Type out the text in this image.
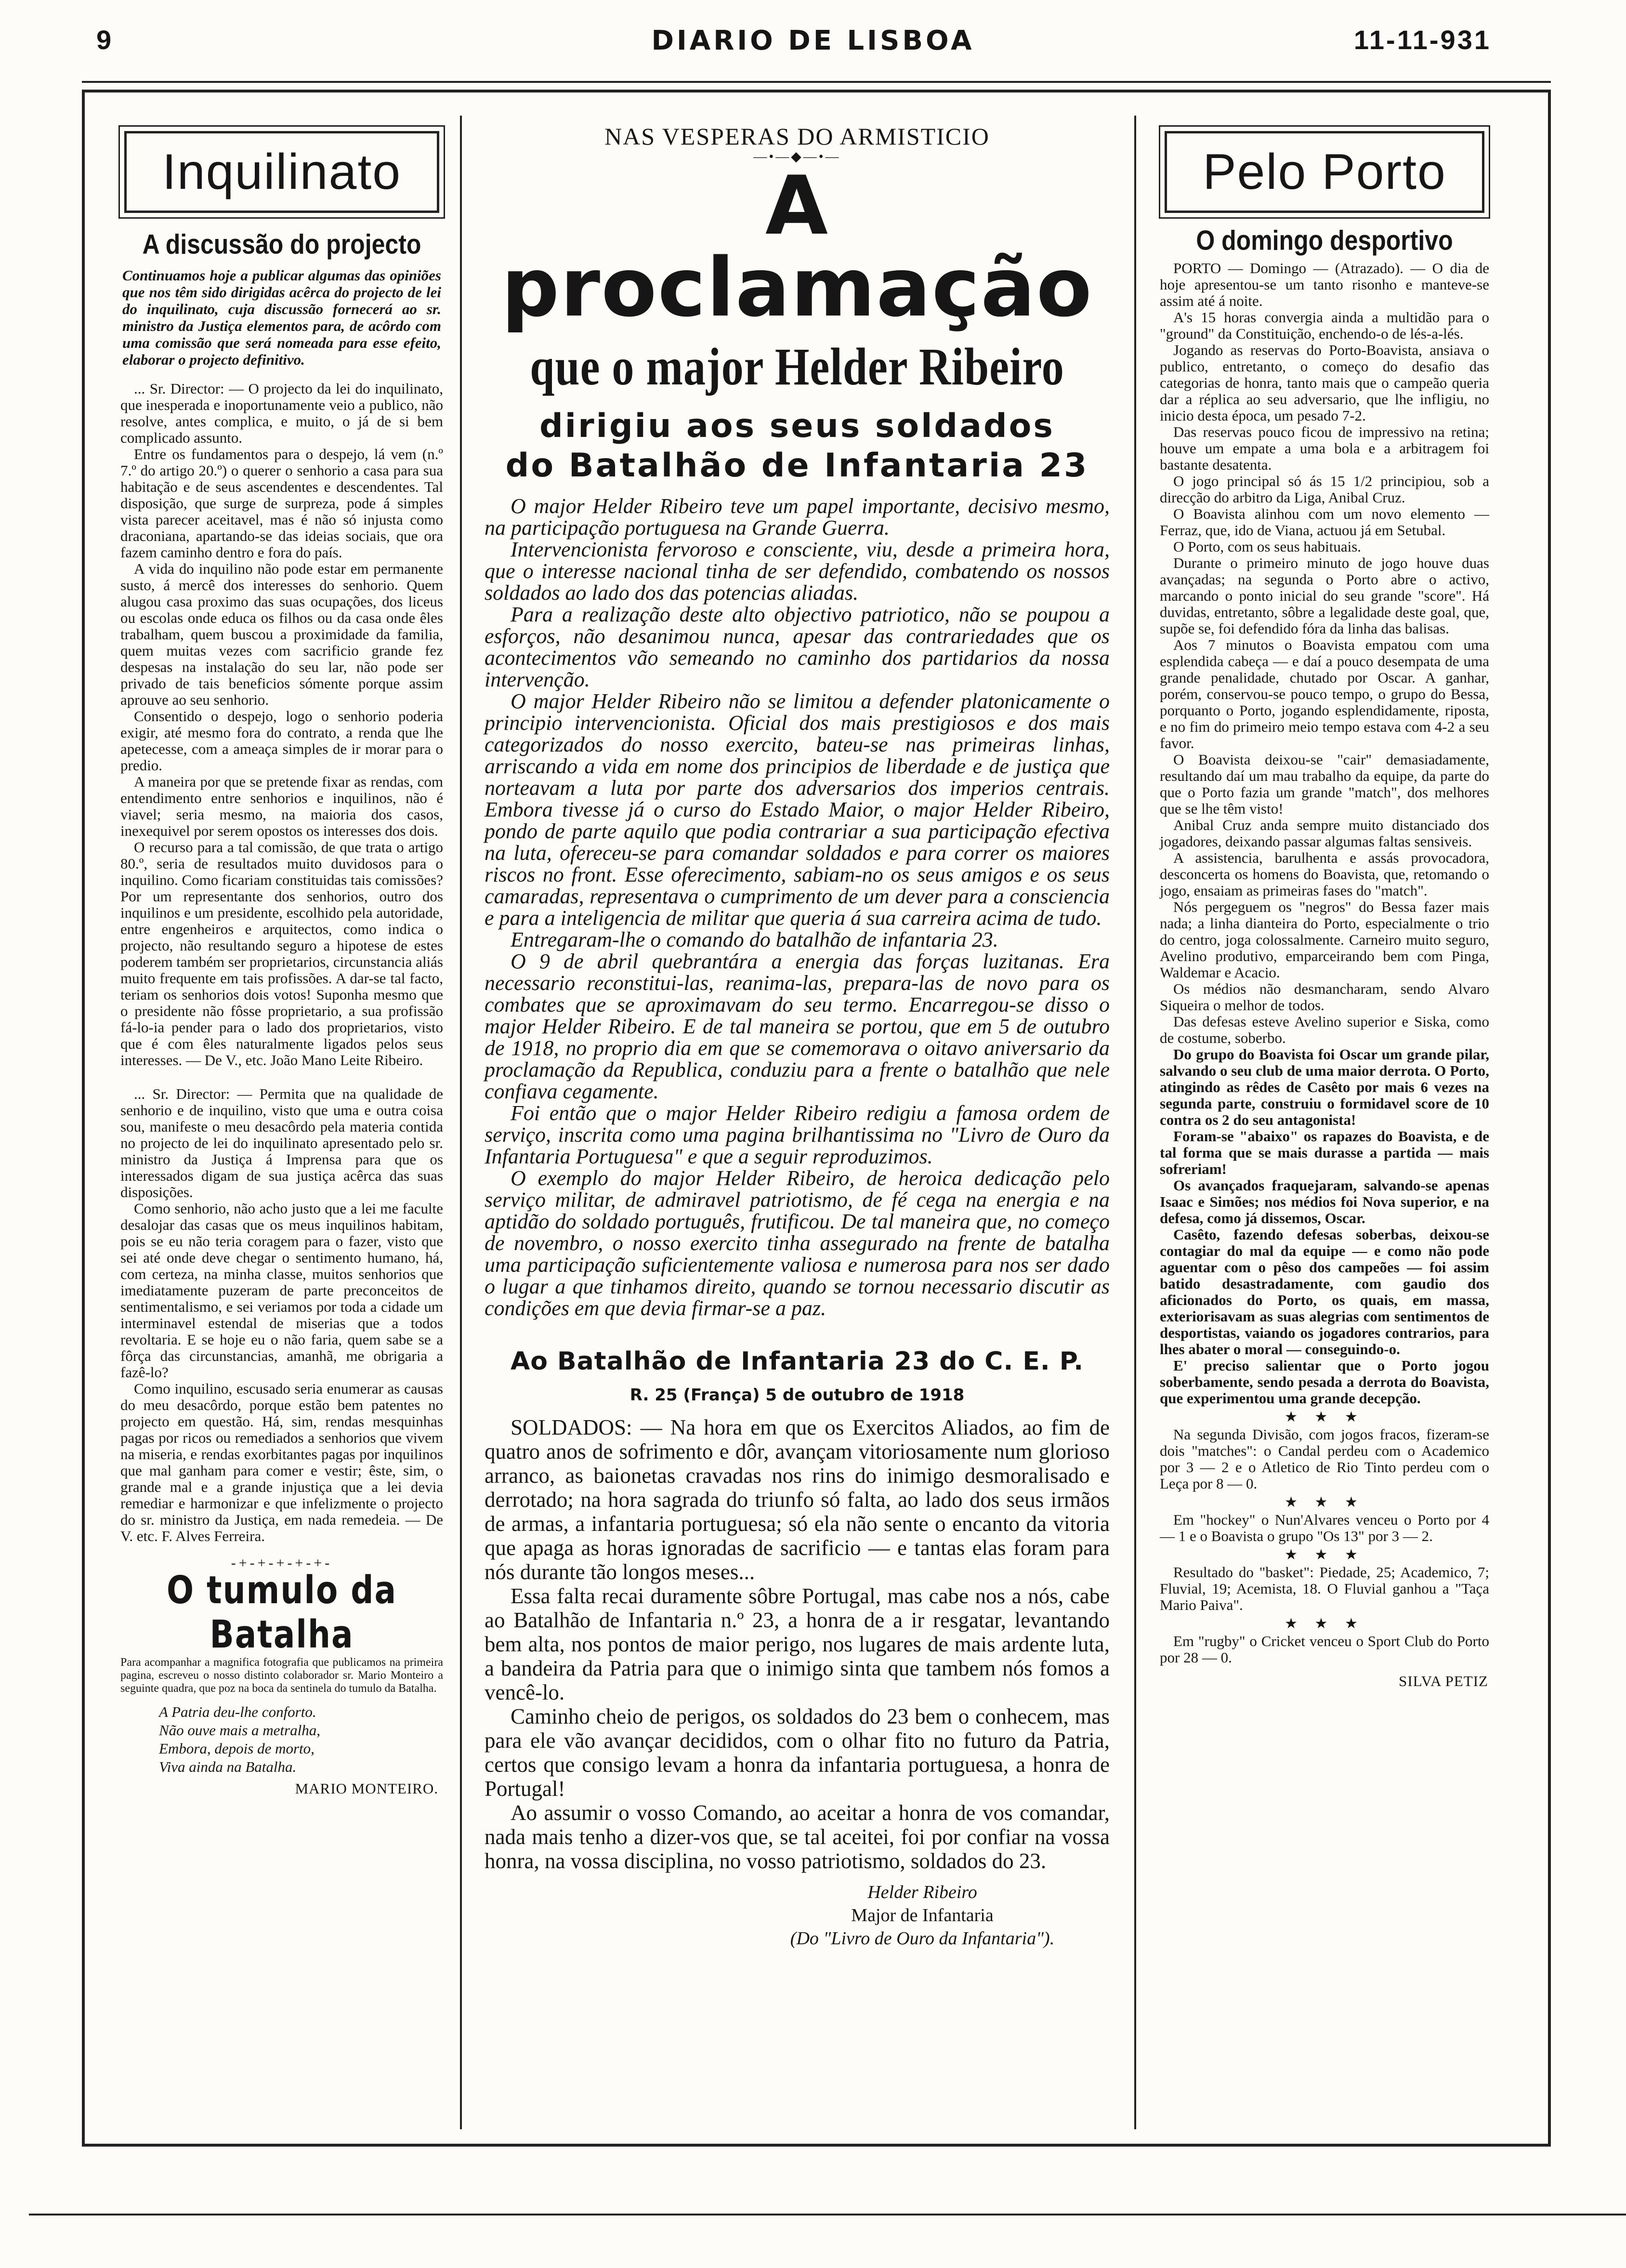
9	DIARIO DE LISBOA	11-11-931
Inquilinato
A discussão do projecto
Continuamos hoje a publicar algumas das opiniões que nos têm sido dirigidas acêrca do projecto de lei do inquilinato, cuja discussão fornecerá ao sr. ministro da Justiça elementos para, de acôrdo com uma comissão que será nomeada para esse efeito, elaborar o projecto definitivo.

... Sr. Director: — O projecto da lei do inquilinato, que inesperada e inoportunamente veio a publico, não resolve, antes complica, e muito, o já de si bem complicado assunto.

Entre os fundamentos para o despejo, lá vem (n.º 7.º do artigo 20.º) o querer o senhorio a casa para sua habitação e de seus ascendentes e descendentes. Tal disposição, que surge de surpreza, pode á simples vista parecer aceitavel, mas é não só injusta como draconiana, apartando-se das ideias sociais, que ora fazem caminho dentro e fora do país.

A vida do inquilino não pode estar em permanente susto, á mercê dos interesses do senhorio. Quem alugou casa proximo das suas ocupações, dos liceus ou escolas onde educa os filhos ou da casa onde êles trabalham, quem buscou a proximidade da familia, quem muitas vezes com sacrificio grande fez despesas na instalação do seu lar, não pode ser privado de tais beneficios sómente porque assim aprouve ao seu senhorio.

Consentido o despejo, logo o senhorio poderia exigir, até mesmo fora do contrato, a renda que lhe apetecesse, com a ameaça simples de ir morar para o predio.

A maneira por que se pretende fixar as rendas, com entendimento entre senhorios e inquilinos, não é viavel; seria mesmo, na maioria dos casos, inexequivel por serem opostos os interesses dos dois.

O recurso para a tal comissão, de que trata o artigo 80.º, seria de resultados muito duvidosos para o inquilino. Como ficariam constituidas tais comissões? Por um representante dos senhorios, outro dos inquilinos e um presidente, escolhido pela autoridade, entre engenheiros e arquitectos, como indica o projecto, não resultando seguro a hipotese de estes poderem também ser proprietarios, circunstancia aliás muito frequente em tais profissões. A dar-se tal facto, teriam os senhorios dois votos! Suponha mesmo que o presidente não fôsse proprietario, a sua profissão fá-lo-ia pender para o lado dos proprietarios, visto que é com êles naturalmente ligados pelos seus interesses. — De V., etc. João Mano Leite Ribeiro.

... Sr. Director: — Permita que na qualidade de senhorio e de inquilino, visto que uma e outra coisa sou, manifeste o meu desacôrdo pela materia contida no projecto de lei do inquilinato apresentado pelo sr. ministro da Justiça á Imprensa para que os interessados digam de sua justiça acêrca das suas disposições.

Como senhorio, não acho justo que a lei me faculte desalojar das casas que os meus inquilinos habitam, pois se eu não teria coragem para o fazer, visto que sei até onde deve chegar o sentimento humano, há, com certeza, na minha classe, muitos senhorios que imediatamente puzeram de parte preconceitos de sentimentalismo, e sei veriamos por toda a cidade um interminavel estendal de miserias que a todos revoltaria. E se hoje eu o não faria, quem sabe se a fôrça das circunstancias, amanhã, me obrigaria a fazê-lo?

Como inquilino, escusado seria enumerar as causas do meu desacôrdo, porque estão bem patentes no projecto em questão. Há, sim, rendas mesquinhas pagas por ricos ou remediados a senhorios que vivem na miseria, e rendas exorbitantes pagas por inquilinos que mal ganham para comer e vestir; êste, sim, o grande mal e a grande injustiça que a lei devia remediar e harmonizar e que infelizmente o projecto do sr. ministro da Justiça, em nada remedeia. — De V. etc. F. Alves Ferreira.

-+-+-+-+-+-
O tumulo da Batalha
Para acompanhar a magnifica fotografia que publicamos na primeira pagina, escreveu o nosso distinto colaborador sr. Mario Monteiro a seguinte quadra, que poz na boca da sentinela do tumulo da Batalha.
A Patria deu-lhe conforto.
Não ouve mais a metralha,
Embora, depois de morto,
Viva ainda na Batalha.
MARIO MONTEIRO.
NAS VESPERAS DO ARMISTICIO
—•—◆—•—
A proclamação
que o major Helder Ribeiro
dirigiu aos seus soldados
do Batalhão de Infantaria 23

O major Helder Ribeiro teve um papel importante, decisivo mesmo, na participação portuguesa na Grande Guerra.

Intervencionista fervoroso e consciente, viu, desde a primeira hora, que o interesse nacional tinha de ser defendido, combatendo os nossos soldados ao lado dos das potencias aliadas.

Para a realização deste alto objectivo patriotico, não se poupou a esforços, não desanimou nunca, apesar das contrariedades que os acontecimentos vão semeando no caminho dos partidarios da nossa intervenção.

O major Helder Ribeiro não se limitou a defender platonicamente o principio intervencionista. Oficial dos mais prestigiosos e dos mais categorizados do nosso exercito, bateu-se nas primeiras linhas, arriscando a vida em nome dos principios de liberdade e de justiça que norteavam a luta por parte dos adversarios dos imperios centrais. Embora tivesse já o curso do Estado Maior, o major Helder Ribeiro, pondo de parte aquilo que podia contrariar a sua participação efectiva na luta, ofereceu-se para comandar soldados e para correr os maiores riscos no front. Esse oferecimento, sabiam-no os seus amigos e os seus camaradas, representava o cumprimento de um dever para a consciencia e para a inteligencia de militar que queria á sua carreira acima de tudo.

Entregaram-lhe o comando do batalhão de infantaria 23.

O 9 de abril quebrantára a energia das forças luzitanas. Era necessario reconstitui-las, reanima-las, prepara-las de novo para os combates que se aproximavam do seu termo. Encarregou-se disso o major Helder Ribeiro. E de tal maneira se portou, que em 5 de outubro de 1918, no proprio dia em que se comemorava o oitavo aniversario da proclamação da Republica, conduziu para a frente o batalhão que nele confiava cegamente.

Foi então que o major Helder Ribeiro redigiu a famosa ordem de serviço, inscrita como uma pagina brilhantissima no "Livro de Ouro da Infantaria Portuguesa" e que a seguir reproduzimos.

O exemplo do major Helder Ribeiro, de heroica dedicação pelo serviço militar, de admiravel patriotismo, de fé cega na energia e na aptidão do soldado português, frutificou. De tal maneira que, no começo de novembro, o nosso exercito tinha assegurado na frente de batalha uma participação suficientemente valiosa e numerosa para nos ser dado o lugar a que tinhamos direito, quando se tornou necessario discutir as condições em que devia firmar-se a paz.

Ao Batalhão de Infantaria 23 do C. E. P.
R. 25 (França) 5 de outubro de 1918

SOLDADOS: — Na hora em que os Exercitos Aliados, ao fim de quatro anos de sofrimento e dôr, avançam vitoriosamente num glorioso arranco, as baionetas cravadas nos rins do inimigo desmoralisado e derrotado; na hora sagrada do triunfo só falta, ao lado dos seus irmãos de armas, a infantaria portuguesa; só ela não sente o encanto da vitoria que apaga as horas ignoradas de sacrificio — e tantas elas foram para nós durante tão longos meses...

Essa falta recai duramente sôbre Portugal, mas cabe nos a nós, cabe ao Batalhão de Infantaria n.º 23, a honra de a ir resgatar, levantando bem alta, nos pontos de maior perigo, nos lugares de mais ardente luta, a bandeira da Patria para que o inimigo sinta que tambem nós fomos a vencê-lo.

Caminho cheio de perigos, os soldados do 23 bem o conhecem, mas para ele vão avançar decididos, com o olhar fito no futuro da Patria, certos que consigo levam a honra da infantaria portuguesa, a honra de Portugal!

Ao assumir o vosso Comando, ao aceitar a honra de vos comandar, nada mais tenho a dizer-vos que, se tal aceitei, foi por confiar na vossa honra, na vossa disciplina, no vosso patriotismo, soldados do 23.

Helder Ribeiro
Major de Infantaria
(Do "Livro de Ouro da Infantaria").
Pelo Porto
O domingo desportivo

PORTO — Domingo — (Atrazado). — O dia de hoje apresentou-se um tanto risonho e manteve-se assim até á noite.

A's 15 horas convergia ainda a multidão para o "ground" da Constituição, enchendo-o de lés-a-lés.

Jogando as reservas do Porto-Boavista, ansiava o publico, entretanto, o começo do desafio das categorias de honra, tanto mais que o campeão queria dar a réplica ao seu adversario, que lhe infligiu, no inicio desta época, um pesado 7-2.

Das reservas pouco ficou de impressivo na retina; houve um empate a uma bola e a arbitragem foi bastante desatenta.

O jogo principal só ás 15 1/2 principiou, sob a direcção do arbitro da Liga, Anibal Cruz.

O Boavista alinhou com um novo elemento — Ferraz, que, ido de Viana, actuou já em Setubal.

O Porto, com os seus habituais.

Durante o primeiro minuto de jogo houve duas avançadas; na segunda o Porto abre o activo, marcando o ponto inicial do seu grande "score". Há duvidas, entretanto, sôbre a legalidade deste goal, que, supõe se, foi defendido fóra da linha das balisas.

Aos 7 minutos o Boavista empatou com uma esplendida cabeça — e daí a pouco desempata de uma grande penalidade, chutado por Oscar. A ganhar, porém, conservou-se pouco tempo, o grupo do Bessa, porquanto o Porto, jogando esplendidamente, riposta, e no fim do primeiro meio tempo estava com 4-2 a seu favor.

O Boavista deixou-se "cair" demasiadamente, resultando daí um mau trabalho da equipe, da parte do que o Porto fazia um grande "match", dos melhores que se lhe têm visto!

Anibal Cruz anda sempre muito distanciado dos jogadores, deixando passar algumas faltas sensiveis.

A assistencia, barulhenta e assás provocadora, desconcerta os homens do Boavista, que, retomando o jogo, ensaiam as primeiras fases do "match".

Nós pergeguem os "negros" do Bessa fazer mais nada; a linha dianteira do Porto, especialmente o trio do centro, joga colossalmente. Carneiro muito seguro, Avelino produtivo, emparceirando bem com Pinga, Waldemar e Acacio.

Os médios não desmancharam, sendo Alvaro Siqueira o melhor de todos.

Das defesas esteve Avelino superior e Siska, como de costume, soberbo.

Do grupo do Boavista foi Oscar um grande pilar, salvando o seu club de uma maior derrota. O Porto, atingindo as rêdes de Casêto por mais 6 vezes na segunda parte, construiu o formidavel score de 10 contra os 2 do seu antagonista!

Foram-se "abaixo" os rapazes do Boavista, e de tal forma que se mais durasse a partida — mais sofreriam!

Os avançados fraquejaram, salvando-se apenas Isaac e Simões; nos médios foi Nova superior, e na defesa, como já dissemos, Oscar.

Casêto, fazendo defesas soberbas, deixou-se contagiar do mal da equipe — e como não pode aguentar com o pêso dos campeões — foi assim batido desastradamente, com gaudio dos aficionados do Porto, os quais, em massa, exteriorisavam as suas alegrias com sentimentos de desportistas, vaiando os jogadores contrarios, para lhes abater o moral — conseguindo-o.

E' preciso salientar que o Porto jogou soberbamente, sendo pesada a derrota do Boavista, que experimentou uma grande decepção.

★ ★ ★

Na segunda Divisão, com jogos fracos, fizeram-se dois "matches": o Candal perdeu com o Academico por 3 — 2 e o Atletico de Rio Tinto perdeu com o Leça por 8 — 0.

★ ★ ★

Em "hockey" o Nun'Alvares venceu o Porto por 4 — 1 e o Boavista o grupo "Os 13" por 3 — 2.

★ ★ ★

Resultado do "basket": Piedade, 25; Academico, 7; Fluvial, 19; Acemista, 18. O Fluvial ganhou a "Taça Mario Paiva".

★ ★ ★

Em "rugby" o Cricket venceu o Sport Club do Porto por 28 — 0.

SILVA PETIZ
